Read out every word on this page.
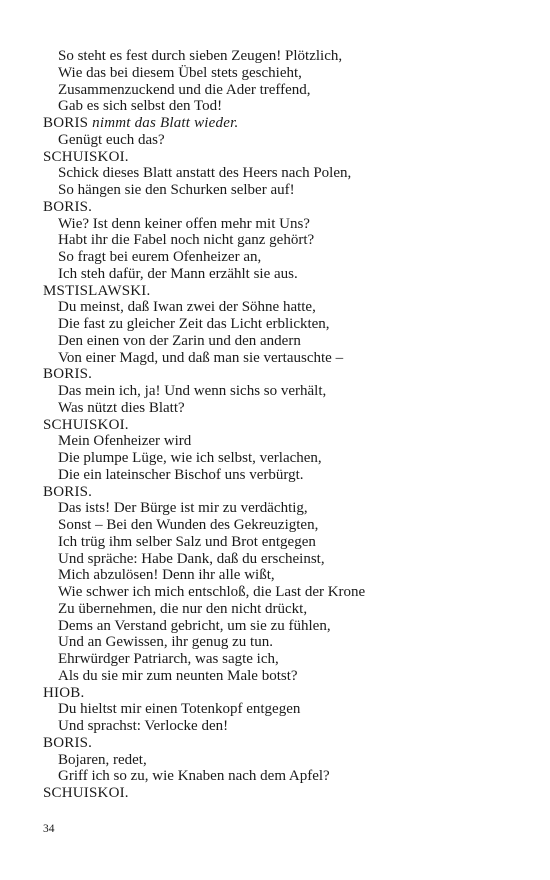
So steht es fest durch sieben Zeugen! Plötzlich,
Wie das bei diesem Übel stets geschieht,
Zusammenzuckend und die Ader treffend,
Gab es sich selbst den Tod!
BORIS nimmt das Blatt wieder.
Genügt euch das?
SCHUISKOI.
Schick dieses Blatt anstatt des Heers nach Polen,
So hängen sie den Schurken selber auf!
BORIS.
Wie? Ist denn keiner offen mehr mit Uns?
Habt ihr die Fabel noch nicht ganz gehört?
So fragt bei eurem Ofenheizer an,
Ich steh dafür, der Mann erzählt sie aus.
MSTISLAWSKI.
Du meinst, daß Iwan zwei der Söhne hatte,
Die fast zu gleicher Zeit das Licht erblickten,
Den einen von der Zarin und den andern
Von einer Magd, und daß man sie vertauschte –
BORIS.
Das mein ich, ja! Und wenn sichs so verhält,
Was nützt dies Blatt?
SCHUISKOI.
Mein Ofenheizer wird
Die plumpe Lüge, wie ich selbst, verlachen,
Die ein lateinscher Bischof uns verbürgt.
BORIS.
Das ists! Der Bürge ist mir zu verdächtig,
Sonst – Bei den Wunden des Gekreuzigten,
Ich trüg ihm selber Salz und Brot entgegen
Und spräche: Habe Dank, daß du erscheinst,
Mich abzulösen! Denn ihr alle wißt,
Wie schwer ich mich entschloß, die Last der Krone
Zu übernehmen, die nur den nicht drückt,
Dems an Verstand gebricht, um sie zu fühlen,
Und an Gewissen, ihr genug zu tun.
Ehrwürdger Patriarch, was sagte ich,
Als du sie mir zum neunten Male botst?
HIOB.
Du hieltst mir einen Totenkopf entgegen
Und sprachst: Verlocke den!
BORIS.
Bojaren, redet,
Griff ich so zu, wie Knaben nach dem Apfel?
SCHUISKOI.
34
